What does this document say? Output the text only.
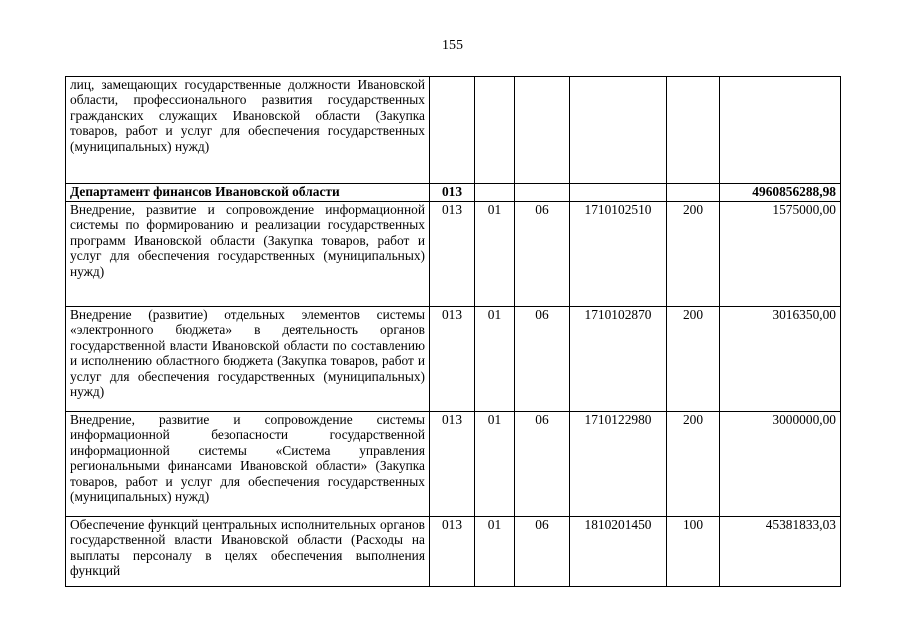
155
лиц, замещающих государственные должности Ивановской области, профессионального развития государственных гражданских служащих Ивановской области (Закупка товаров, работ и услуг для обеспечения государственных (муниципальных) нужд)						
Департамент финансов Ивановской области	013					4960856288,98
Внедрение, развитие и сопровождение информационной системы по формированию и реализации государственных программ Ивановской области (Закупка товаров, работ и услуг для обеспечения государственных (муниципальных) нужд)	013	01	06	1710102510	200	1575000,00
Внедрение (развитие) отдельных элементов системы «электронного бюджета» в деятельность органов государственной власти Ивановской области по составлению и исполнению областного бюджета (Закупка товаров, работ и услуг для обеспечения государственных (муниципальных) нужд)	013	01	06	1710102870	200	3016350,00
Внедрение, развитие и сопровождение системы информационной безопасности государственной информационной системы «Система управления региональными финансами Ивановской области» (Закупка товаров, работ и услуг для обеспечения государственных (муниципальных) нужд)	013	01	06	1710122980	200	3000000,00
Обеспечение функций центральных исполнительных органов государственной власти Ивановской области (Расходы на выплаты персоналу в целях обеспечения выполнения функций	013	01	06	1810201450	100	45381833,03
